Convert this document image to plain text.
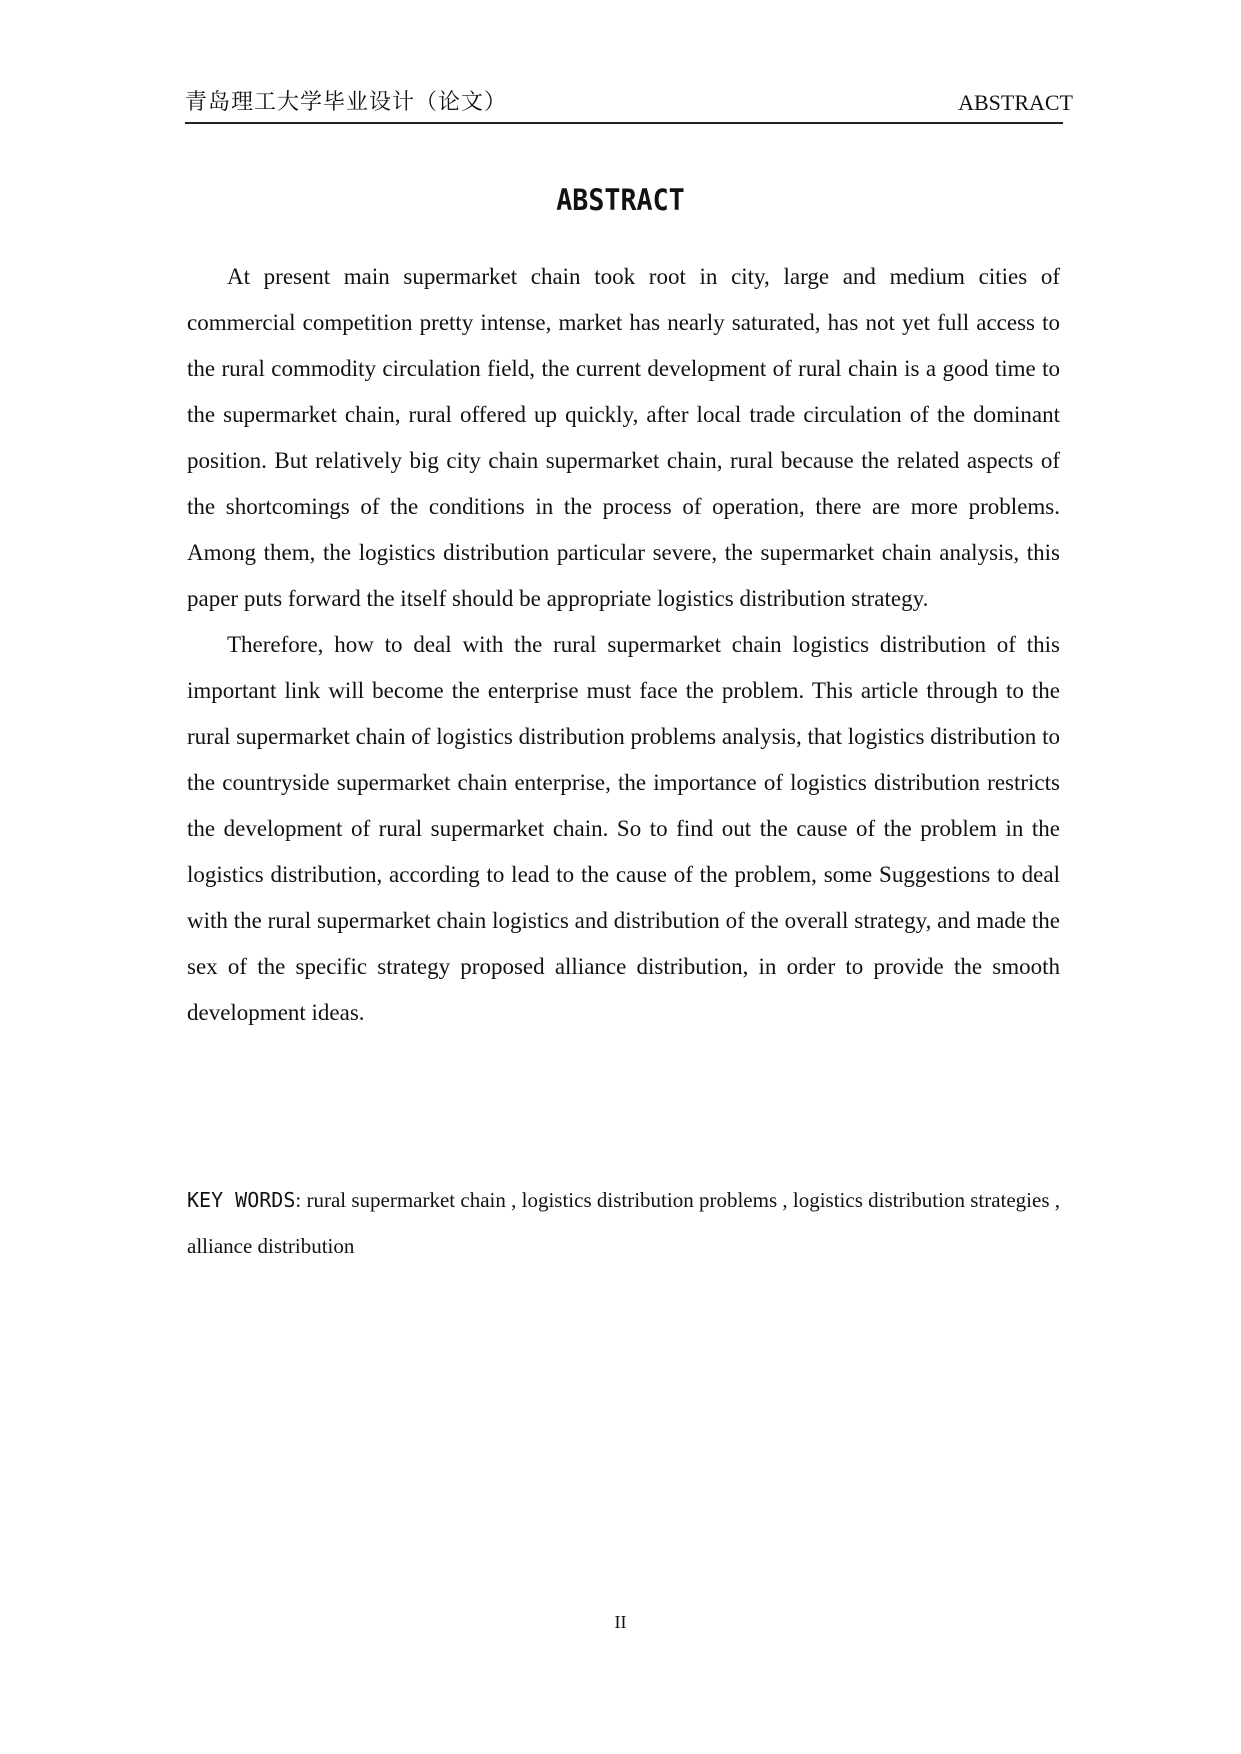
青岛理工大学毕业设计（论文）	ABSTRACT
ABSTRACT

At present main supermarket chain took root in city, large and medium cities of commercial competition pretty intense, market has nearly saturated, has not yet full access to the rural commodity circulation field, the current development of rural chain is a good time to the supermarket chain, rural offered up quickly, after local trade circulation of the dominant position. But relatively big city chain supermarket chain, rural because the related aspects of the shortcomings of the conditions in the process of operation, there are more problems. Among them, the logistics distribution particular severe, the supermarket chain analysis, this paper puts forward the itself should be appropriate logistics distribution strategy.

Therefore, how to deal with the rural supermarket chain logistics distribution of this important link will become the enterprise must face the problem. This article through to the rural supermarket chain of logistics distribution problems analysis, that logistics distribution to the countryside supermarket chain enterprise, the importance of logistics distribution restricts the development of rural supermarket chain. So to find out the cause of the problem in the logistics distribution, according to lead to the cause of the problem, some Suggestions to deal with the rural supermarket chain logistics and distribution of the overall strategy, and made the sex of the specific strategy proposed alliance distribution, in order to provide the smooth development ideas.

KEY WORDS: rural supermarket chain , logistics distribution problems , logistics distribution strategies , alliance distribution
II
